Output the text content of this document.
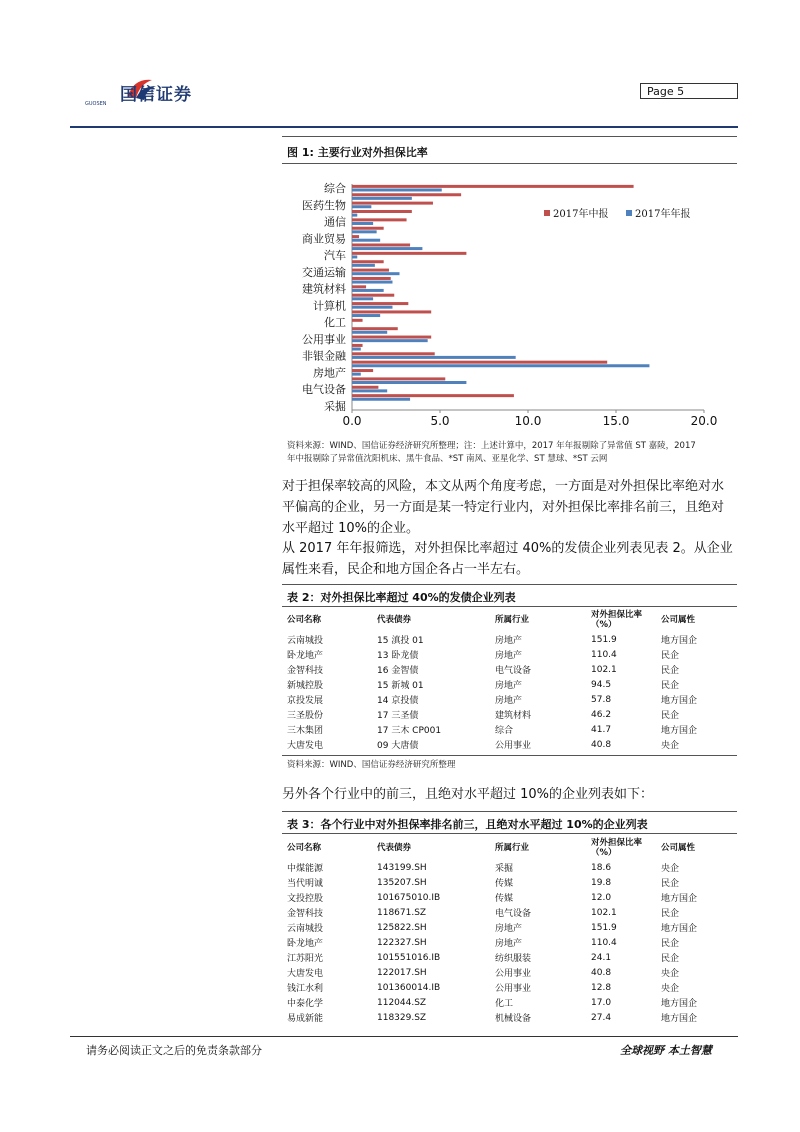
国信证券
GUOSEN
Page 5
图 1: 主要行业对外担保比率
综合
医药生物
通信
商业贸易
汽车
交通运输
建筑材料
计算机
化工
公用事业
非银金融
房地产
电气设备
采掘
0.0	5.0	10.0	15.0	20.0
2017年中报	2017年年报
资料来源：WIND、国信证券经济研究所整理；注：上述计算中，2017 年年报剔除了异常值 ST 嘉陵，2017
年中报剔除了异常值沈阳机床、黑牛食品、*ST 南风、亚星化学、ST 慧球、*ST 云网
对于担保率较高的风险，本文从两个角度考虑，一方面是对外担保比率绝对水
平偏高的企业，另一方面是某一特定行业内，对外担保比率排名前三，且绝对
水平超过 10%的企业。
从 2017 年年报筛选，对外担保比率超过 40%的发债企业列表见表 2。从企业
属性来看，民企和地方国企各占一半左右。
表 2：对外担保比率超过 40%的发债企业列表
公司名称	代表债券	所属行业	对外担保比率（%）	公司属性
云南城投	15 滇投 01	房地产	151.9	地方国企
卧龙地产	13 卧龙债	房地产	110.4	民企
金智科技	16 金智债	电气设备	102.1	民企
新城控股	15 新城 01	房地产	94.5	民企
京投发展	14 京投债	房地产	57.8	地方国企
三圣股份	17 三圣债	建筑材料	46.2	民企
三木集团	17 三木 CP001	综合	41.7	地方国企
大唐发电	09 大唐债	公用事业	40.8	央企
资料来源：WIND、国信证券经济研究所整理
另外各个行业中的前三，且绝对水平超过 10%的企业列表如下：
表 3：各个行业中对外担保率排名前三，且绝对水平超过 10%的企业列表
公司名称	代表债券	所属行业	对外担保比率（%）	公司属性
中煤能源	143199.SH	采掘	18.6	央企
当代明诚	135207.SH	传媒	19.8	民企
文投控股	101675010.IB	传媒	12.0	地方国企
金智科技	118671.SZ	电气设备	102.1	民企
云南城投	125822.SH	房地产	151.9	地方国企
卧龙地产	122327.SH	房地产	110.4	民企
江苏阳光	101551016.IB	纺织服装	24.1	民企
大唐发电	122017.SH	公用事业	40.8	央企
钱江水利	101360014.IB	公用事业	12.8	央企
中泰化学	112044.SZ	化工	17.0	地方国企
易成新能	118329.SZ	机械设备	27.4	地方国企
请务必阅读正文之后的免责条款部分	全球视野 本土智慧
